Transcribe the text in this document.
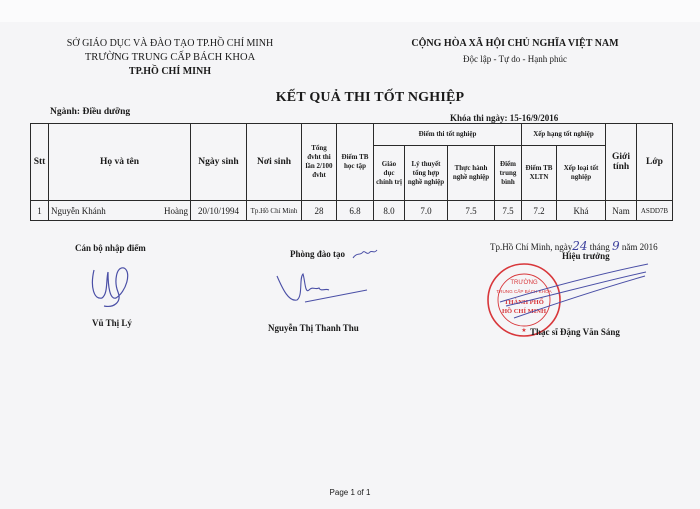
SỞ GIÁO DỤC VÀ ĐÀO TẠO TP.HỒ CHÍ MINH
TRƯỜNG TRUNG CẤP BÁCH KHOA
TP.HỒ CHÍ MINH
CỘNG HÒA XÃ HỘI CHỦ NGHĨA VIỆT NAM
Độc lập - Tự do - Hạnh phúc
KẾT QUẢ THI TỐT NGHIỆP
Ngành: Điều dưỡng
Khóa thi ngày: 15-16/9/2016
Stt	Họ và tên	Ngày sinh	Nơi sinh	Tổng đvht thi lần 2/100 đvht	Điểm TB học tập	Điểm thi tốt nghiệp				Xếp hạng tốt nghiệp		Giới tính	Lớp
						Giáo dục chính trị	Lý thuyết tổng hợp nghề nghiệp	Thực hành nghề nghiệp	Điểm trung bình	Điểm TB XLTN	Xếp loại tốt nghiệp		
1	Nguyễn Khánh Hoàng	20/10/1994	Tp.Hồ Chí Minh	28	6.8	8.0	7.0	7.5	7.5	7.2	Khá	Nam	ASDD7B
Cán bộ nhập điểm
Vũ Thị Lý
Phòng đào tạo
Nguyễn Thị Thanh Thu
Tp.Hồ Chí Minh, ngày24 tháng 9 năm 2016
Hiệu trưởng
TRƯỜNG
TRUNG CẤP BÁCH KHOA
THÀNH PHỐ
HỒ CHÍ MINH
★ Thạc sĩ Đặng Văn Sáng
Page 1 of 1
